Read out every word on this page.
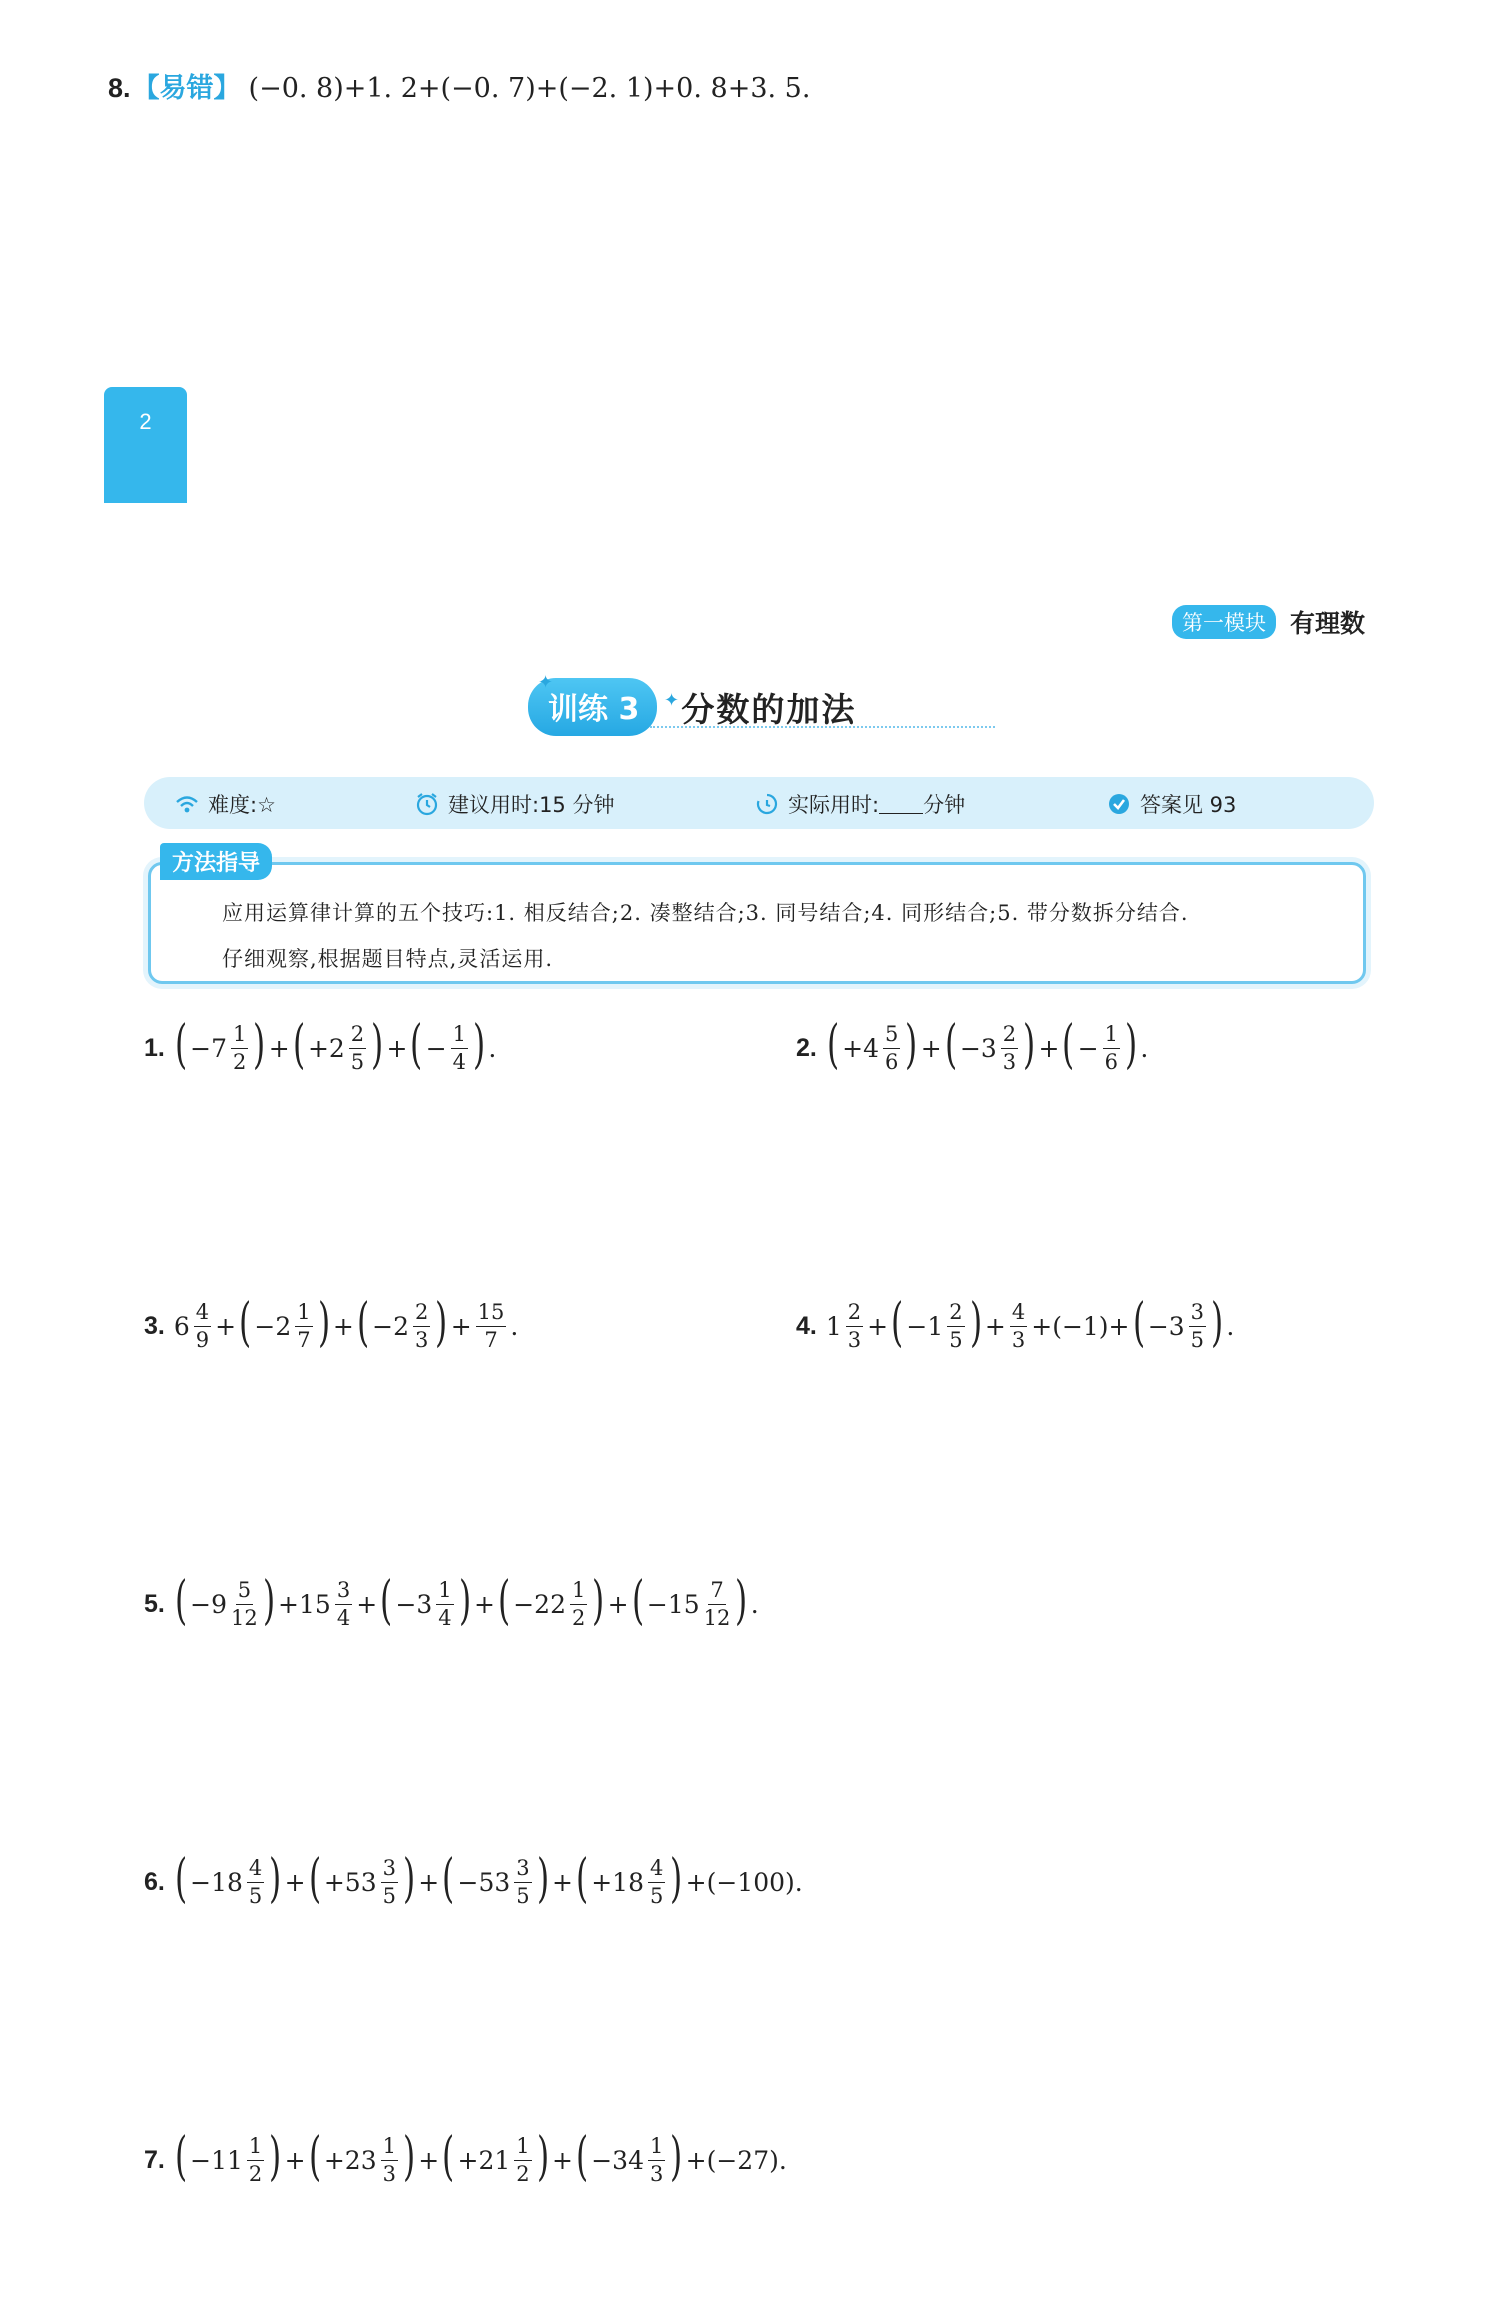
8.【易错】 (−0. 8)+1. 2+(−0. 7)+(−2. 1)+0. 8+3. 5.
2
第一模块 有理数
训练 3	分数的加法
✦
✦
难度:☆	建议用时:15 分钟	实际用时: 分钟	答案见 93
方法指导
应用运算律计算的五个技巧:1. 相反结合;2. 凑整结合;3. 同号结合;4. 同形结合;5. 带分数拆分结合.
仔细观察,根据题目特点,灵活运用.
1. ( $-7 \frac{1}{2}$ ) + ( $+2 \frac{2}{5}$ ) + ( − $\frac{1}{4}$ ) .	2. ( $+4 \frac{5}{6}$ ) + ( $-3 \frac{2}{3}$ ) + ( − $\frac{1}{6}$ ) .
3. $6 \frac{4}{9}$ + ( $-2 \frac{1}{7}$ ) + ( $-2 \frac{2}{3}$ ) + $\frac{15}{7}$ .	4. $1 \frac{2}{3}$ + ( $-1 \frac{2}{5}$ ) + $\frac{4}{3} +(-1)+$ ( $-3 \frac{3}{5}$ ) .
5. ( $-9 \frac{5}{12}$ ) $+15 \frac{3}{4}$ + ( $-3 \frac{1}{4}$ ) + ( $-22 \frac{1}{2}$ ) + ( $-15 \frac{7}{12}$ ) .
6. ( $-18 \frac{4}{5}$ ) + ( $+53 \frac{3}{5}$ ) + ( $-53 \frac{3}{5}$ ) + ( $+18 \frac{4}{5}$ ) +(−100).
7. ( $-11 \frac{1}{2}$ ) + ( $+23 \frac{1}{3}$ ) + ( $+21 \frac{1}{2}$ ) + ( $-34 \frac{1}{3}$ ) +(−27).
